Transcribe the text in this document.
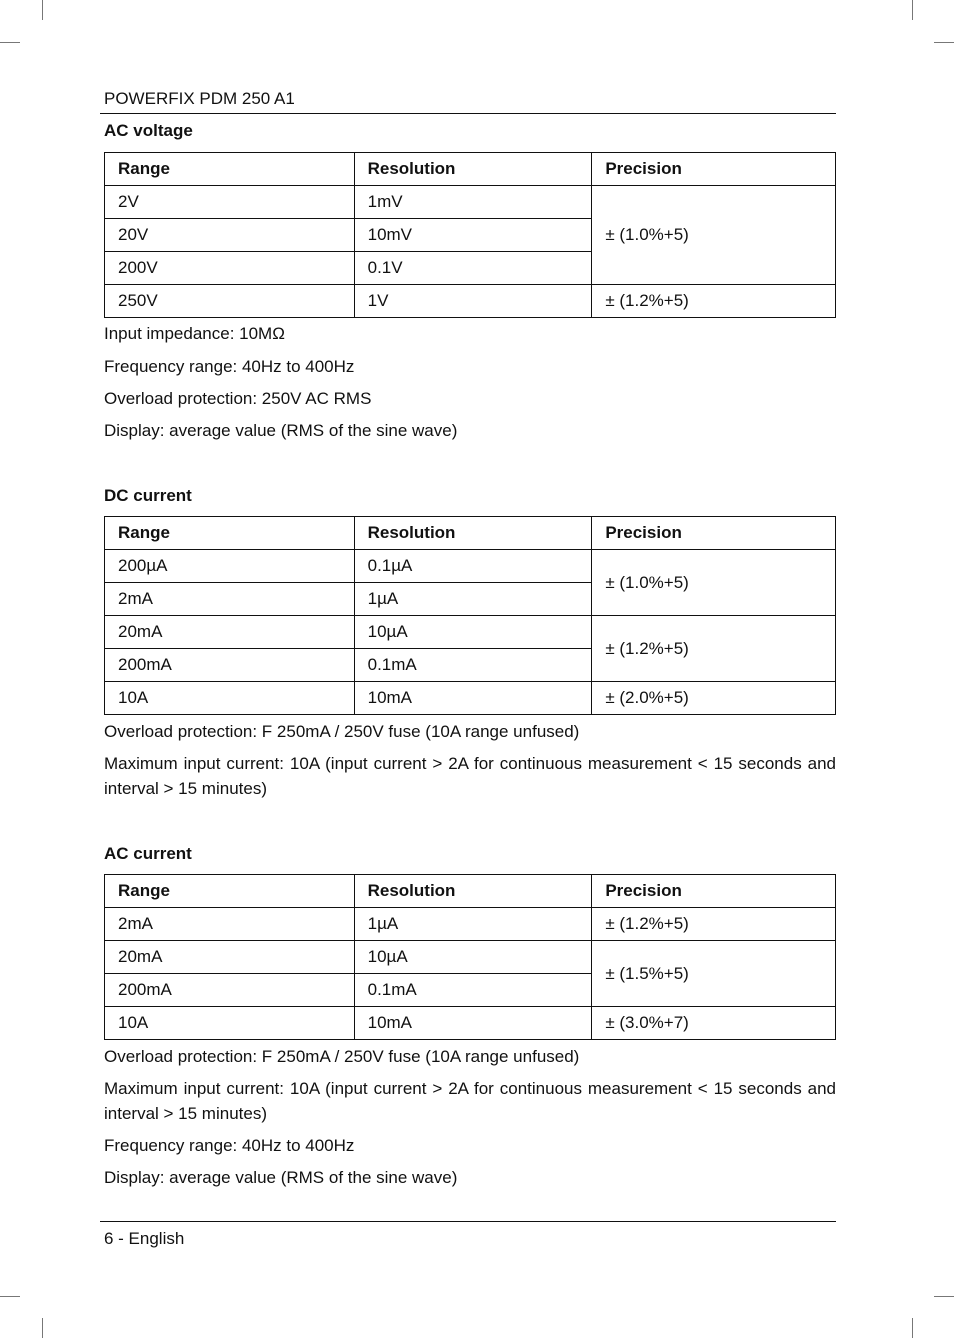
POWERFIX PDM 250 A1
AC voltage
Range	Resolution	Precision
2V	1mV	± (1.0%+5)
20V	10mV	
200V	0.1V	
250V	1V	± (1.2%+5)
Input impedance: 10MΩ
Frequency range: 40Hz to 400Hz
Overload protection: 250V AC RMS
Display: average value (RMS of the sine wave)
DC current
Range	Resolution	Precision
200µA	0.1µA	± (1.0%+5)
2mA	1µA	
20mA	10µA	± (1.2%+5)
200mA	0.1mA	
10A	10mA	± (2.0%+5)
Overload protection: F 250mA / 250V fuse (10A range unfused)
Maximum input current: 10A (input current > 2A for continuous measurement < 15 seconds and interval > 15 minutes)
AC current
Range	Resolution	Precision
2mA	1µA	± (1.2%+5)
20mA	10µA	± (1.5%+5)
200mA	0.1mA	
10A	10mA	± (3.0%+7)
Overload protection: F 250mA / 250V fuse (10A range unfused)
Maximum input current: 10A (input current > 2A for continuous measurement < 15 seconds and interval > 15 minutes)
Frequency range: 40Hz to 400Hz
Display: average value (RMS of the sine wave)
6 - English
